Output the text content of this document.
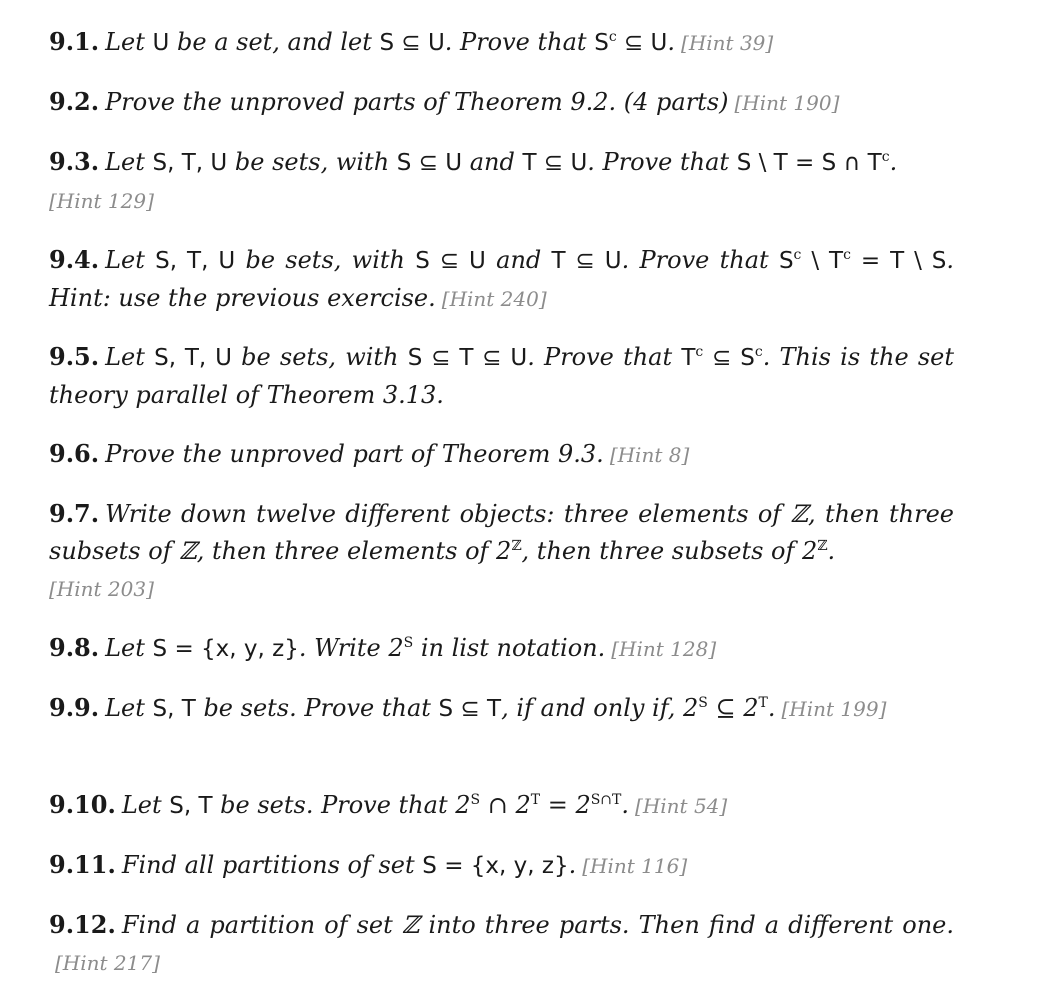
9.1. Let U be a set, and let S ⊆ U. Prove that $S^c$ ⊆ U. [Hint 39]
9.2. Prove the unproved parts of Theorem 9.2. (4 parts) [Hint 190]
9.3. Let S, T, U be sets, with S ⊆ U and T ⊆ U. Prove that S \ T = S ∩ $T^c$.
[Hint 129]
9.4. Let S, T, U be sets, with S ⊆ U and T ⊆ U. Prove that $S^c$ \ $T^c = T$ \ S. Hint: use the previous exercise. [Hint 240]
9.5. Let S, T, U be sets, with S ⊆ T ⊆ U. Prove that $T^c$ ⊆ $S^c$. This is the set theory parallel of Theorem 3.13.
9.6. Prove the unproved part of Theorem 9.3. [Hint 8]
9.7. Write down twelve different objects: three elements of ℤ, then three subsets of ℤ, then three elements of $2^ℤ$, then three subsets of $2^ℤ$.
[Hint 203]
9.8. Let S = {x, y, z}. Write $2^S$ in list notation. [Hint 128]
9.9. Let S, T be sets. Prove that S ⊆ T, if and only if, $2^S$ ⊆ $2^T$. [Hint 199]
9.10. Let S, T be sets. Prove that $2^S$ ∩ $2^T = 2^{S\cap T}$. [Hint 54]
9.11. Find all partitions of set S = {x, y, z}. [Hint 116]
9.12. Find a partition of set ℤ into three parts. Then find a different one.[Hint 217]
